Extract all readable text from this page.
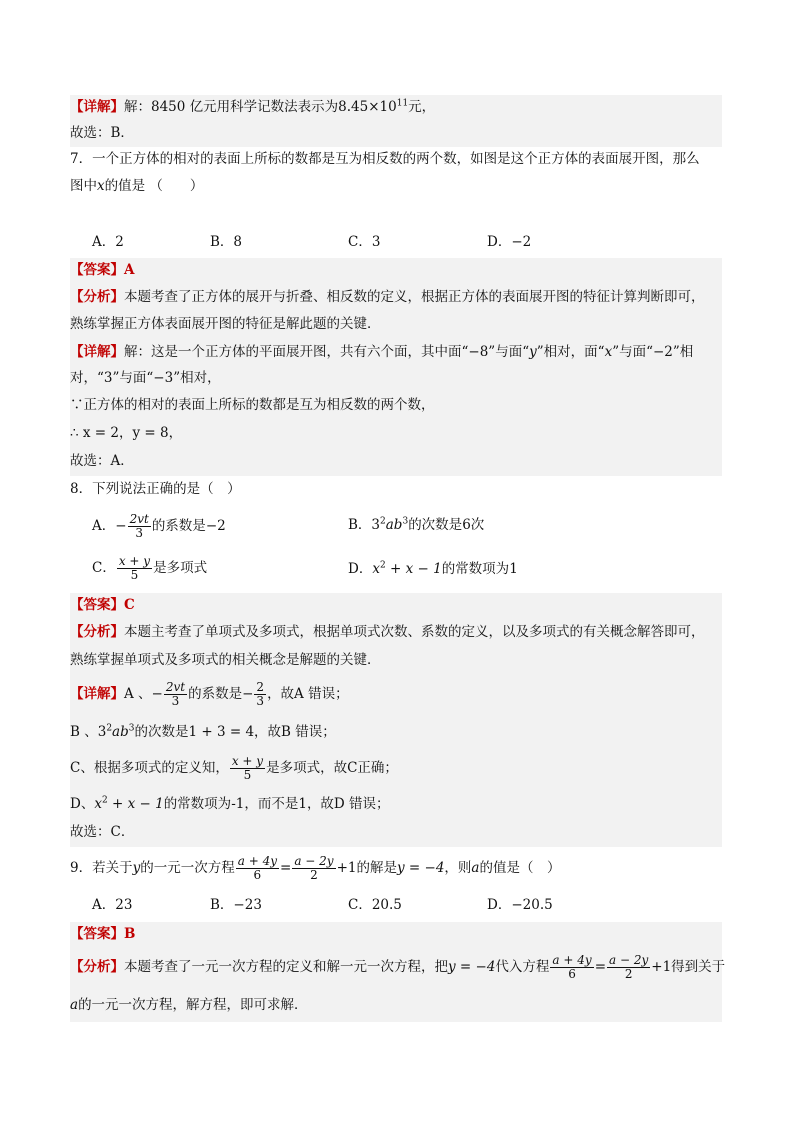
【详解】解：8450 亿元用科学记数法表示为$8.45\times 10^{11}$元，
故选：B．
7．一个正方体的相对的表面上所标的数都是互为相反数的两个数，如图是这个正方体的表面展开图，那么
图中x的值是 （　　）
A．2	B．8	C．3	D．−2
【答案】A
【分析】本题考查了正方体的展开与折叠、相反数的定义，根据正方体的表面展开图的特征计算判断即可，
熟练掌握正方体表面展开图的特征是解此题的关键．
【详解】解：这是一个正方体的平面展开图，共有六个面，其中面“−8”与面“y”相对，面“x”与面“−2”相
对，“3”与面“−3”相对，
∵正方体的相对的表面上所标的数都是互为相反数的两个数，
∴ x = 2，y = 8，
故选：A．
8．下列说法正确的是（　）
A．− $\frac{2vt}{3}$ 的系数是−2	B．$3^2ab^3$的次数是6次
C． $\frac{x + y}{5}$ 是多项式	D．$x^2 + x - 1$的常数项为1
【答案】C
【分析】本题主考查了单项式及多项式，根据单项式次数、系数的定义，以及多项式的有关概念解答即可，
熟练掌握单项式及多项式的相关概念是解题的关键．
【详解】A 、− $\frac{2vt}{3}$ 的系数是− $\frac{2}{3}$ ，故A 错误；
B 、$3^2ab^3$的次数是1 + 3 = 4，故B 错误；
C、根据多项式的定义知， $\frac{x + y}{5}$ 是多项式，故C正确；
D、$x^2 + x - 1$的常数项为-1，而不是1，故D 错误；
故选：C．
9．若关于y的一元一次方程 $\frac{a + 4y}{6} = \frac{a - 2y}{2} +1$的解是y = −4，则a的值是（　）
A．23	B．−23	C．20.5	D．−20.5
【答案】B
【分析】本题考查了一元一次方程的定义和解一元一次方程，把y = −4代入方程 $\frac{a + 4y}{6} = \frac{a - 2y}{2} +1$得到关于
a的一元一次方程，解方程，即可求解．
